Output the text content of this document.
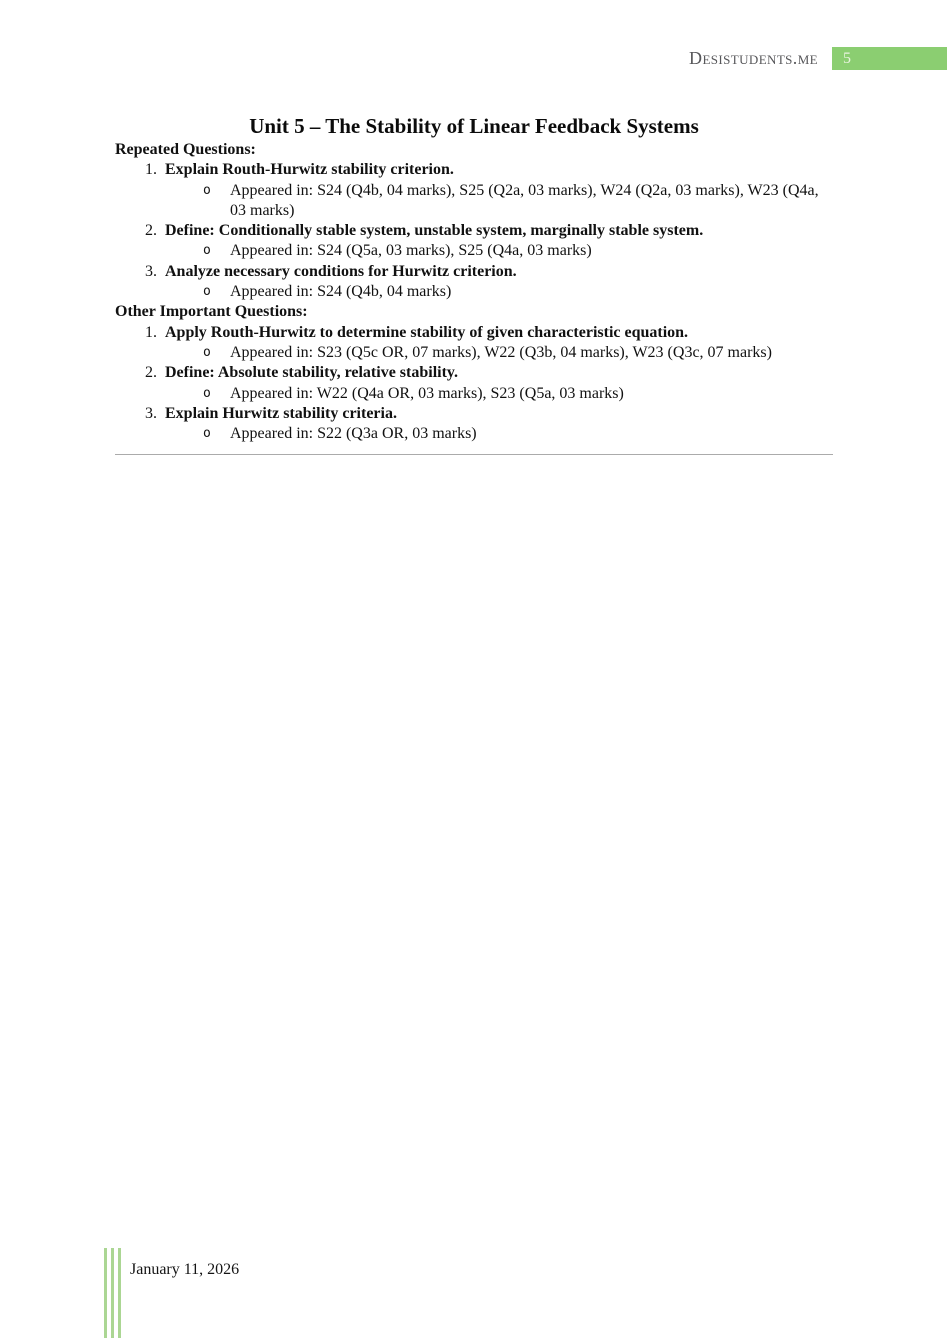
Desistudents.me	5
Unit 5 – The Stability of Linear Feedback Systems

Repeated Questions:

1. Explain Routh-Hurwitz stability criterion.
o	Appeared in: S24 (Q4b, 04 marks), S25 (Q2a, 03 marks), W24 (Q2a, 03 marks), W23 (Q4a, 03 marks)
2. Define: Conditionally stable system, unstable system, marginally stable system.
o	Appeared in: S24 (Q5a, 03 marks), S25 (Q4a, 03 marks)
3. Analyze necessary conditions for Hurwitz criterion.
o	Appeared in: S24 (Q4b, 04 marks)

Other Important Questions:

1. Apply Routh-Hurwitz to determine stability of given characteristic equation.
o	Appeared in: S23 (Q5c OR, 07 marks), W22 (Q3b, 04 marks), W23 (Q3c, 07 marks)
2. Define: Absolute stability, relative stability.
o	Appeared in: W22 (Q4a OR, 03 marks), S23 (Q5a, 03 marks)
3. Explain Hurwitz stability criteria.
o	Appeared in: S22 (Q3a OR, 03 marks)
January 11, 2026
